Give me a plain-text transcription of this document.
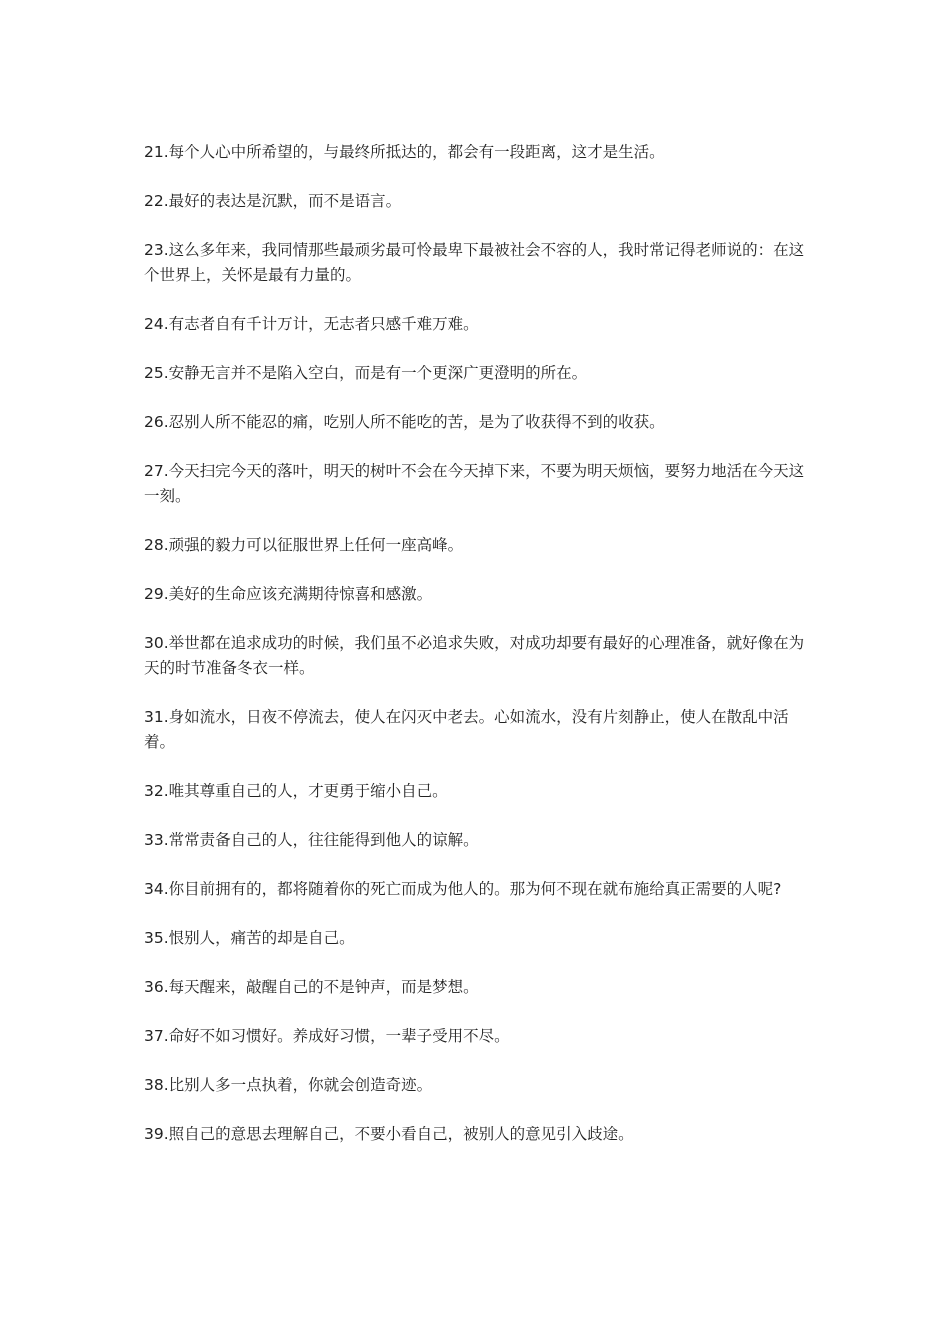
21.每个人心中所希望的，与最终所抵达的，都会有一段距离，这才是生活。
22.最好的表达是沉默，而不是语言。
23.这么多年来，我同情那些最顽劣最可怜最卑下最被社会不容的人，我时常记得老师说的：在这个世界上，关怀是最有力量的。
24.有志者自有千计万计，无志者只感千难万难。
25.安静无言并不是陷入空白，而是有一个更深广更澄明的所在。
26.忍别人所不能忍的痛，吃别人所不能吃的苦，是为了收获得不到的收获。
27.今天扫完今天的落叶，明天的树叶不会在今天掉下来，不要为明天烦恼，要努力地活在今天这一刻。
28.顽强的毅力可以征服世界上任何一座高峰。
29.美好的生命应该充满期待惊喜和感激。
30.举世都在追求成功的时候，我们虽不必追求失败，对成功却要有最好的心理准备，就好像在为天的时节准备冬衣一样。
31.身如流水，日夜不停流去，使人在闪灭中老去。心如流水，没有片刻静止，使人在散乱中活着。
32.唯其尊重自己的人，才更勇于缩小自己。
33.常常责备自己的人，往往能得到他人的谅解。
34.你目前拥有的，都将随着你的死亡而成为他人的。那为何不现在就布施给真正需要的人呢?
35.恨别人，痛苦的却是自己。
36.每天醒来，敲醒自己的不是钟声，而是梦想。
37.命好不如习惯好。养成好习惯，一辈子受用不尽。
38.比别人多一点执着，你就会创造奇迹。
39.照自己的意思去理解自己，不要小看自己，被别人的意见引入歧途。
